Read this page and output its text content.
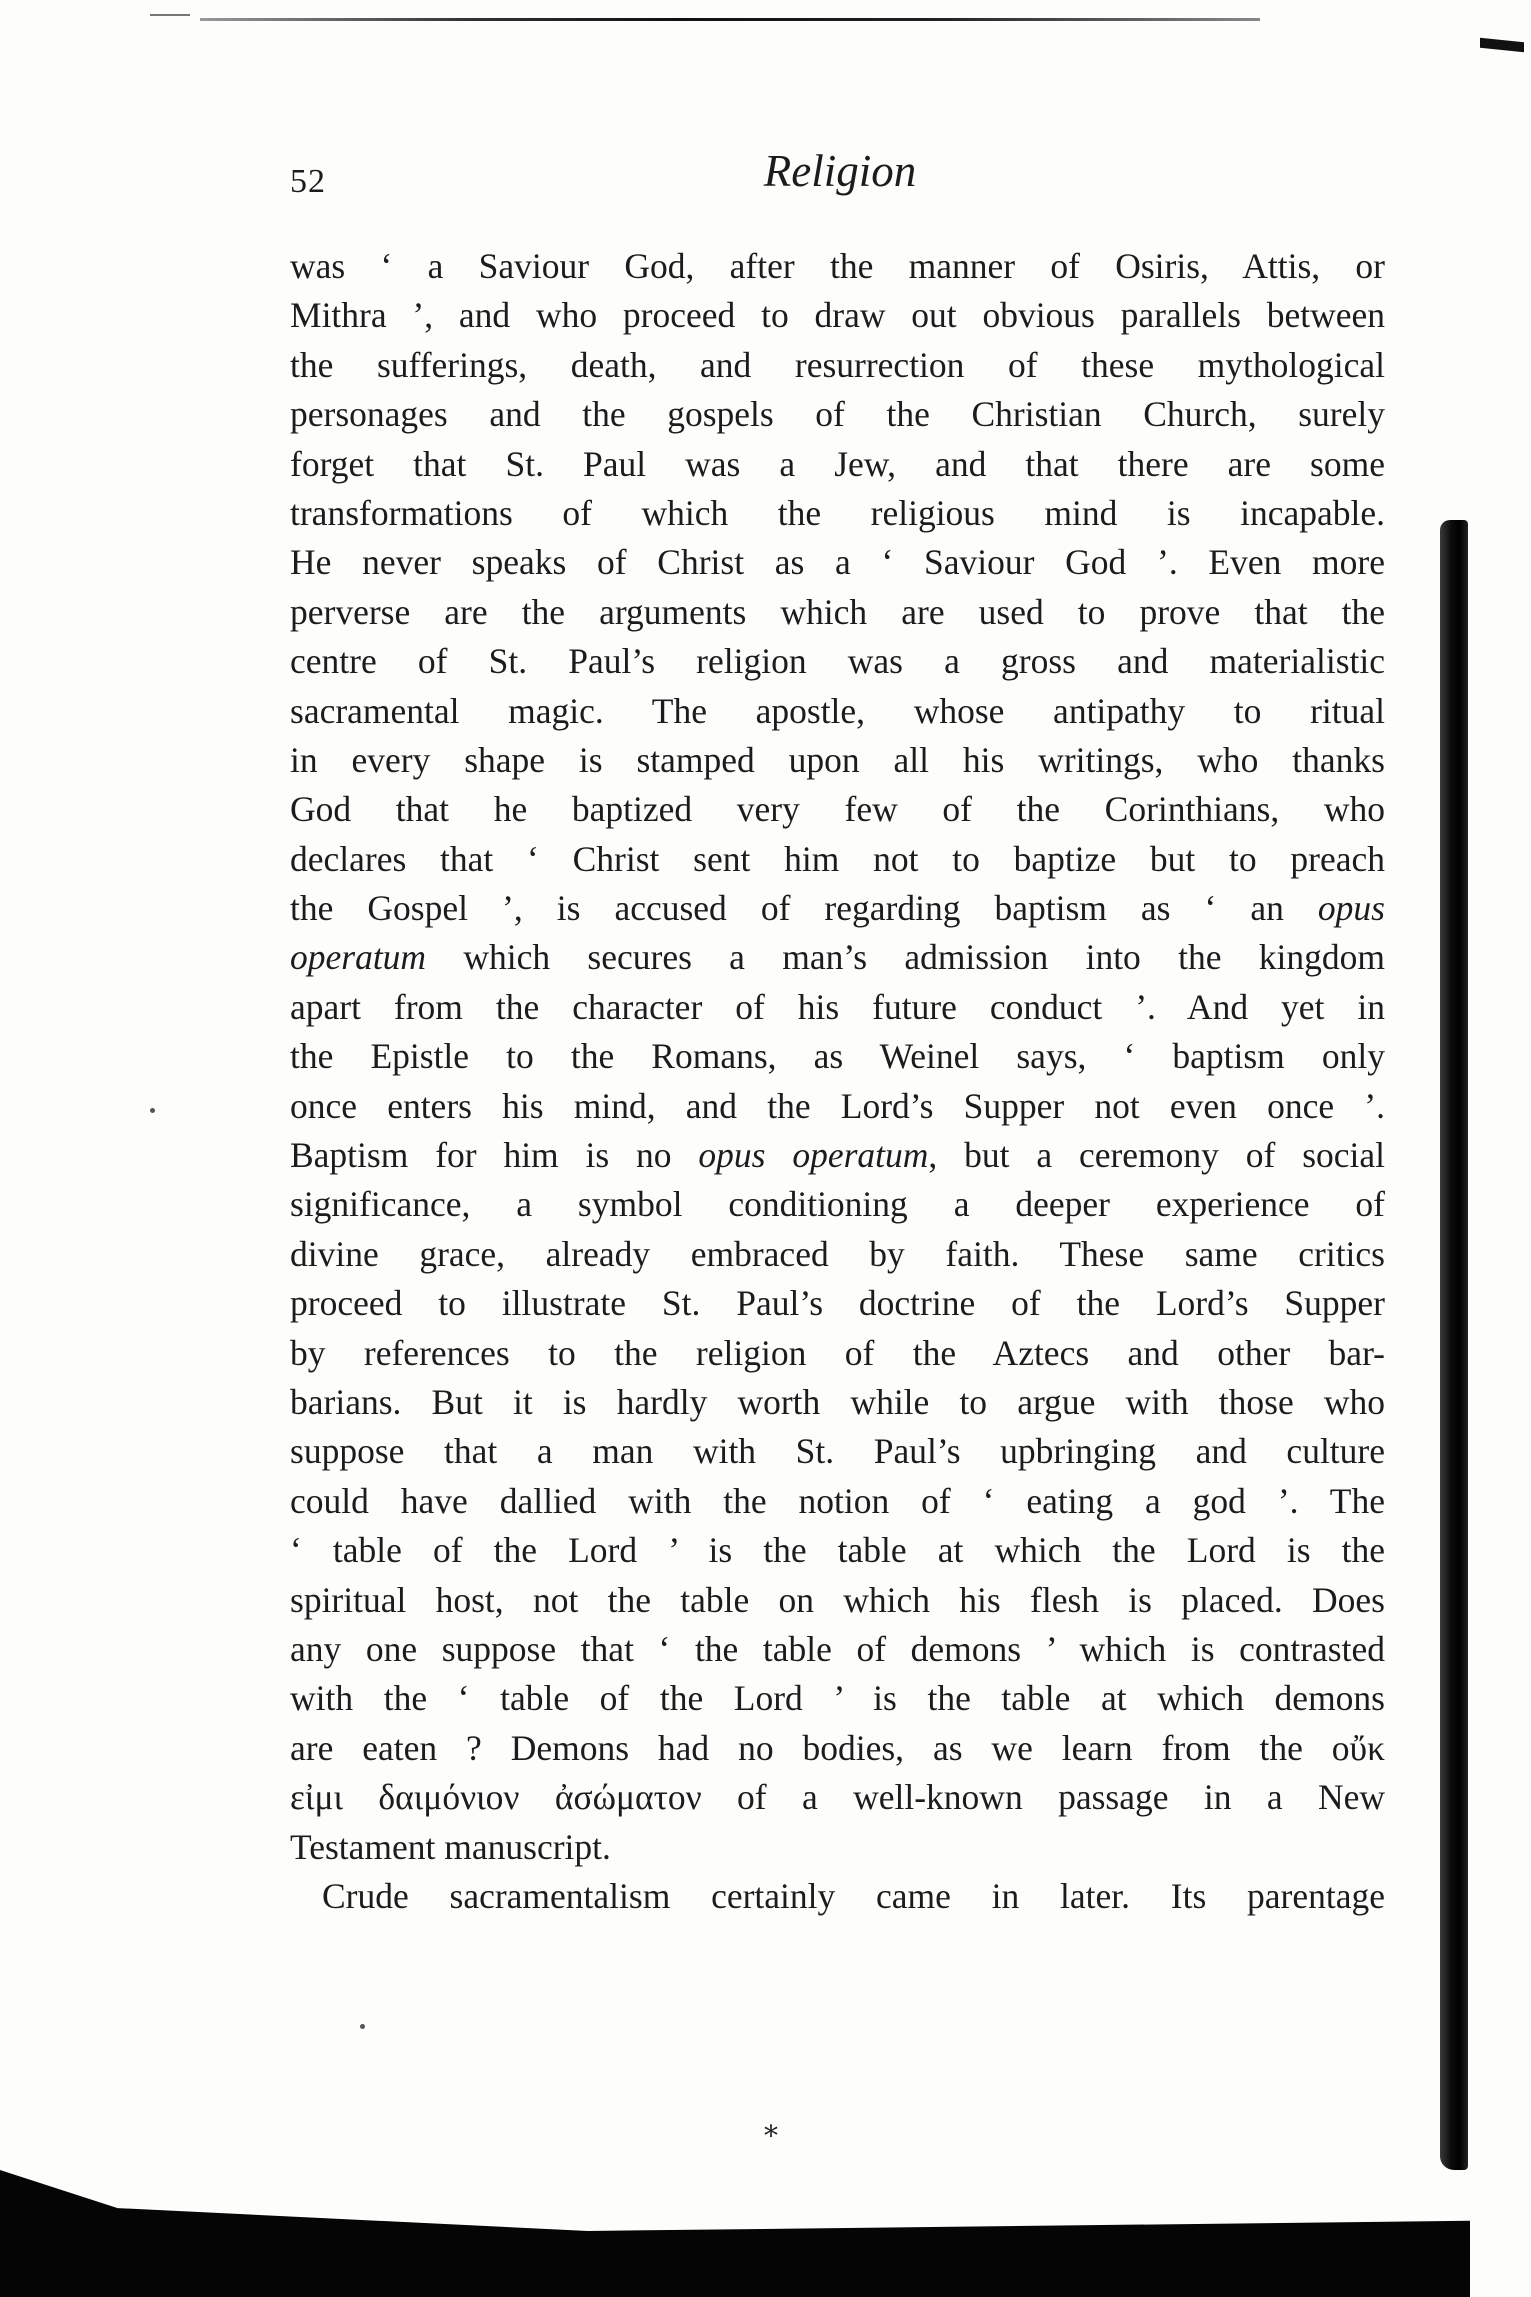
52	Religion
was ‘ a Saviour God, after the manner of Osiris, Attis, or
Mithra ’, and who proceed to draw out obvious parallels between
the sufferings, death, and resurrection of these mythological
personages and the gospels of the Christian Church, surely
forget that St. Paul was a Jew, and that there are some
transformations of which the religious mind is incapable.
He never speaks of Christ as a ‘ Saviour God ’. Even more
perverse are the arguments which are used to prove that the
centre of St. Paul’s religion was a gross and materialistic
sacramental magic. The apostle, whose antipathy to ritual
in every shape is stamped upon all his writings, who thanks
God that he baptized very few of the Corinthians, who
declares that ‘ Christ sent him not to baptize but to preach
the Gospel ’, is accused of regarding baptism as ‘ an opus
operatum which secures a man’s admission into the kingdom
apart from the character of his future conduct ’. And yet in
the Epistle to the Romans, as Weinel says, ‘ baptism only
once enters his mind, and the Lord’s Supper not even once ’.
Baptism for him is no opus operatum, but a ceremony of social
significance, a symbol conditioning a deeper experience of
divine grace, already embraced by faith. These same critics
proceed to illustrate St. Paul’s doctrine of the Lord’s Supper
by references to the religion of the Aztecs and other bar-
barians. But it is hardly worth while to argue with those who
suppose that a man with St. Paul’s upbringing and culture
could have dallied with the notion of ‘ eating a god ’. The
‘ table of the Lord ’ is the table at which the Lord is the
spiritual host, not the table on which his flesh is placed. Does
any one suppose that ‘ the table of demons ’ which is contrasted
with the ‘ table of the Lord ’ is the table at which demons
are eaten ? Demons had no bodies, as we learn from the οὔκ
εἰμι δαιμόνιον ἀσώματον of a well-known passage in a New
Testament manuscript.
Crude sacramentalism certainly came in later. Its parentage
⁎
